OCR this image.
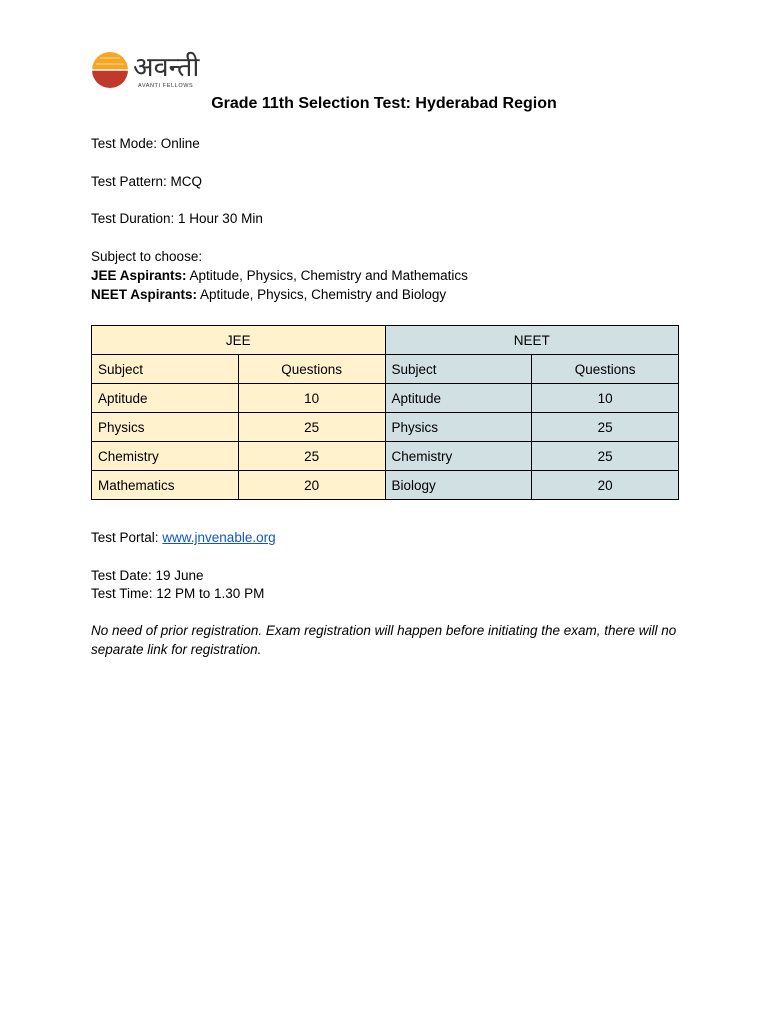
अवन्ती
AVANTI FELLOWS
Grade 11th Selection Test: Hyderabad Region
Test Mode: Online
Test Pattern: MCQ
Test Duration: 1 Hour 30 Min
Subject to choose:
JEE Aspirants: Aptitude, Physics, Chemistry and Mathematics
NEET Aspirants: Aptitude, Physics, Chemistry and Biology
JEE		NEET	
Subject	Questions	Subject	Questions
Aptitude	10	Aptitude	10
Physics	25	Physics	25
Chemistry	25	Chemistry	25
Mathematics	20	Biology	20
Test Portal: www.jnvenable.org
Test Date: 19 June
Test Time: 12 PM to 1.30 PM
No need of prior registration. Exam registration will happen before initiating the exam, there will no separate link for registration.
